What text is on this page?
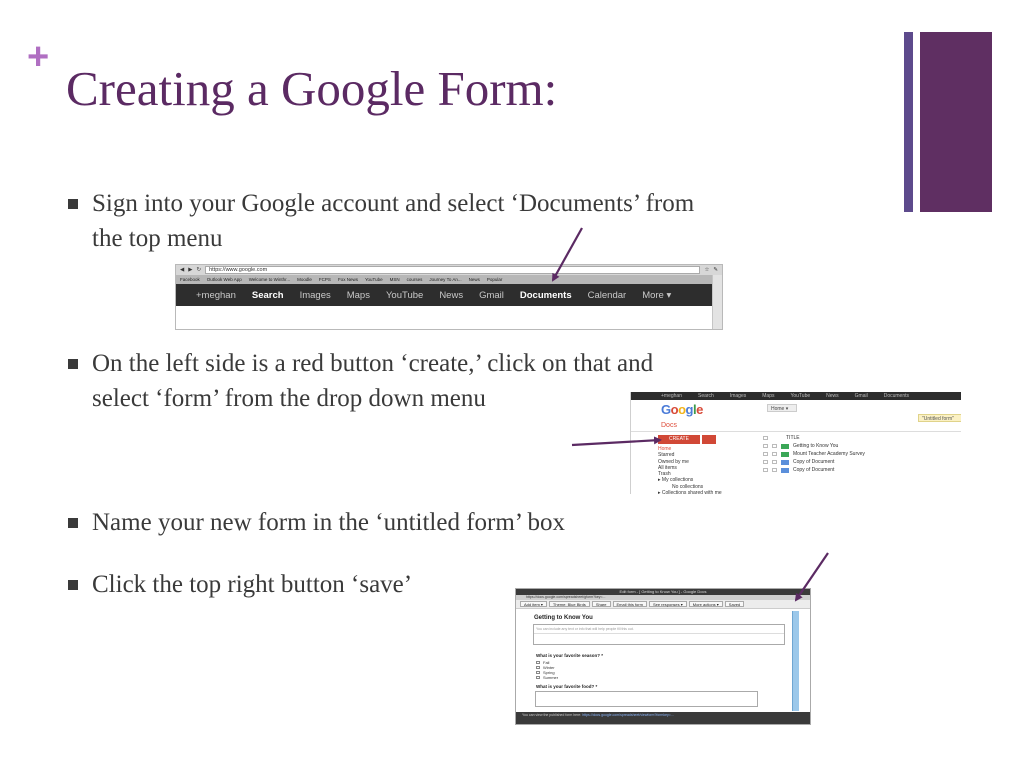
+
Creating a Google Form:
Sign into your Google account and select ‘Documents’ from
the top menu
◀ ▶ ↻	https://www.google.com	☆ ✎
Facebook Outlook Web App Welcome to Winthr... Moodle FCPS Fox News YouTube MSN courses Journey To An... News Popular
+meghan Search Images Maps YouTube News Gmail Documents Calendar More ▾
On the left side is a red button ‘create,’ click on that and
select ‘form’ from the drop down menu	+meghan	Search	Images	Maps	YouTube	News	Gmail	Documents
Google	Home ▾
"Untitled form"
Docs
CREATE
Home
Starred
Owned by me
All items
Trash
▸ My collections
No collections
▸ Collections shared with me
TITLE
Getting to Know You
Mount Teacher Academy Survey
Copy of Document
Copy of Document
Name your new form in the ‘untitled form’ box
Click the top right button ‘save’	Edit form - [ Getting to Know You ] - Google Docs
https://docs.google.com/spreadsheet/gform?key=...
Add item ▾	Theme: Blue Birds	Share	Email this form	See responses ▾	More actions ▾	Saved
Getting to Know You
You can include any text or info that will help people fill this out.
What is your favorite season? *
Fall
Winter
Spring
Summer
What is your favorite food? *
You can view the published form here: https://docs.google.com/spreadsheet/viewform?formkey=...
